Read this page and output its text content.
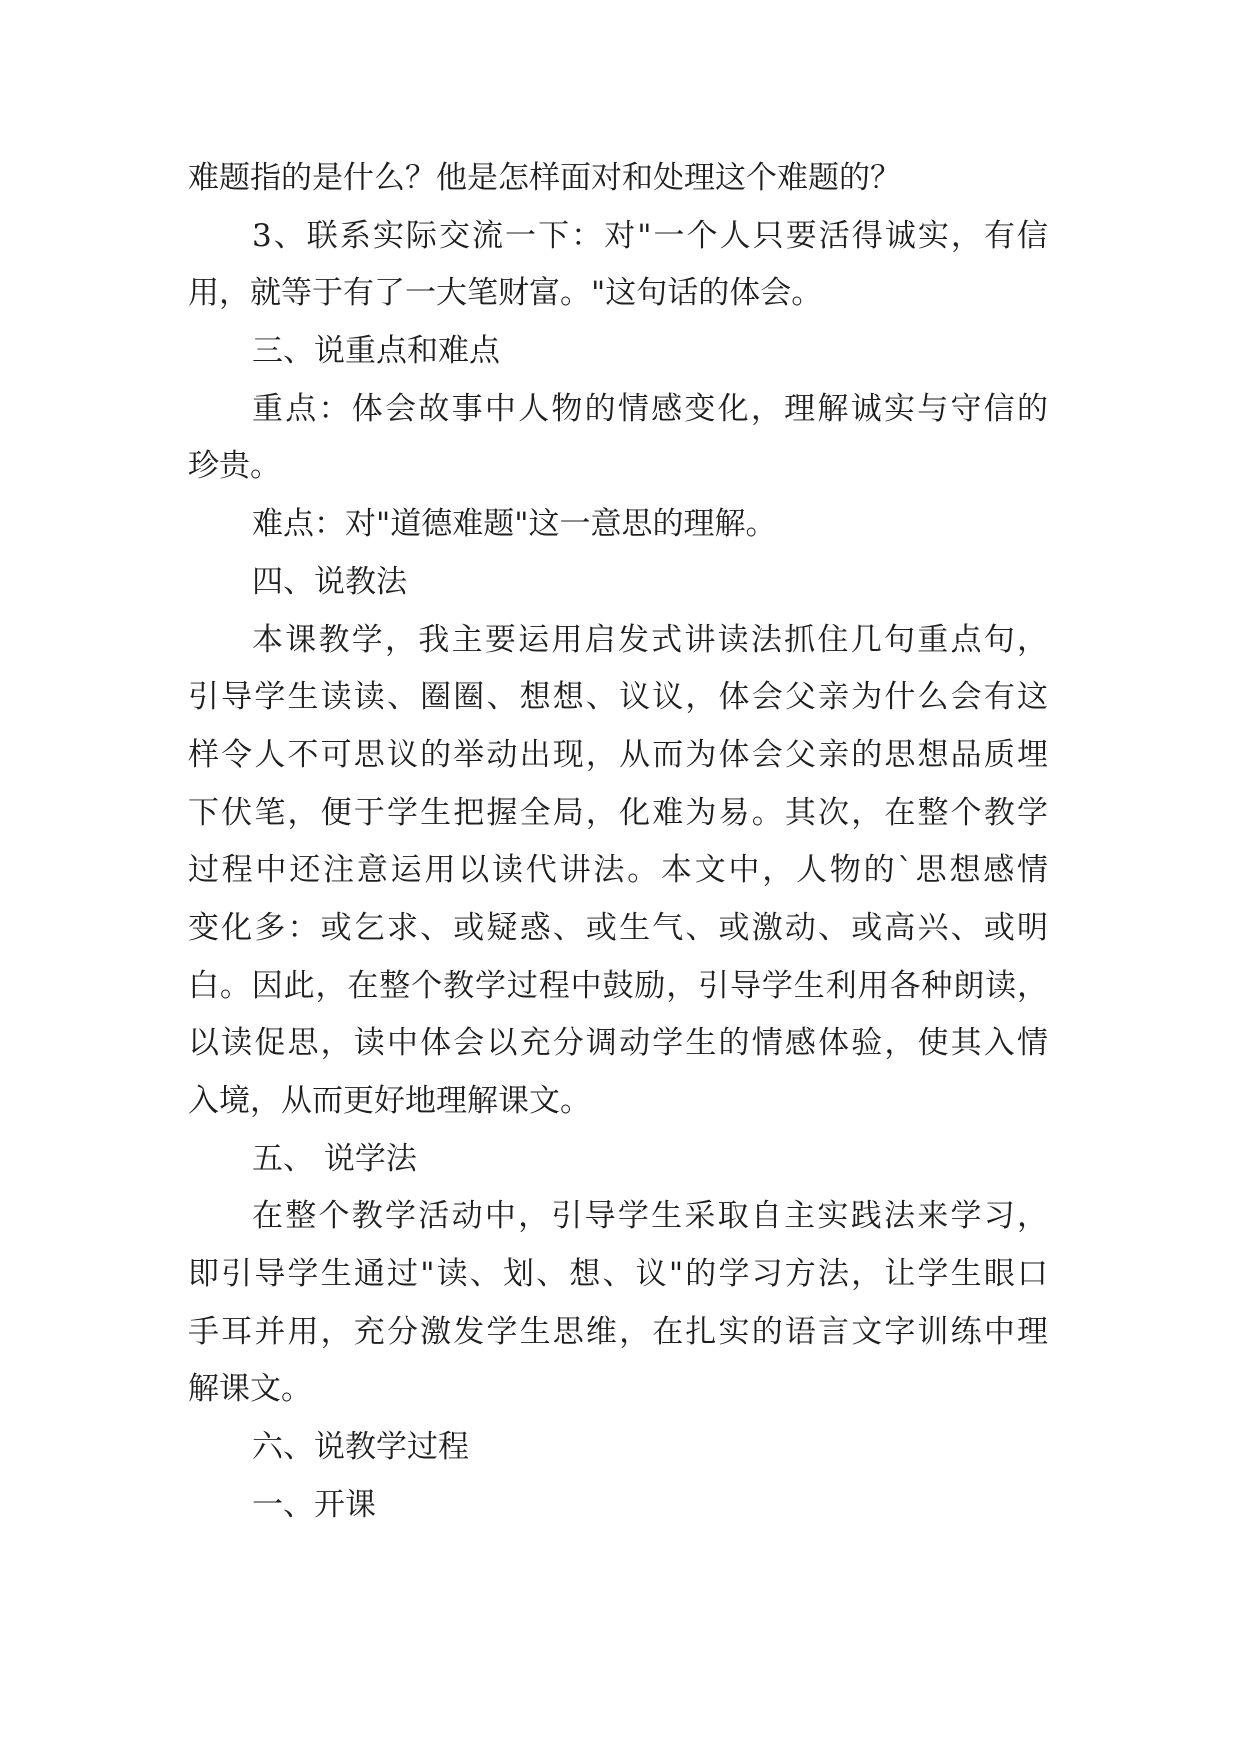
难题指的是什么？他是怎样面对和处理这个难题的？
3、联系实际交流一下：对"一个人只要活得诚实，有信
用，就等于有了一大笔财富。"这句话的体会。
三、说重点和难点
重点：体会故事中人物的情感变化，理解诚实与守信的
珍贵。
难点：对"道德难题"这一意思的理解。
四、说教法
本课教学，我主要运用启发式讲读法抓住几句重点句，
引导学生读读、圈圈、想想、议议，体会父亲为什么会有这
样令人不可思议的举动出现，从而为体会父亲的思想品质埋
下伏笔，便于学生把握全局，化难为易。其次，在整个教学
过程中还注意运用以读代讲法。本文中，人物的`思想感情
变化多：或乞求、或疑惑、或生气、或激动、或高兴、或明
白。因此，在整个教学过程中鼓励，引导学生利用各种朗读，
以读促思，读中体会以充分调动学生的情感体验，使其入情
入境，从而更好地理解课文。
五、 说学法
在整个教学活动中，引导学生采取自主实践法来学习，
即引导学生通过"读、划、想、议"的学习方法，让学生眼口
手耳并用，充分激发学生思维，在扎实的语言文字训练中理
解课文。
六、说教学过程
一、开课
